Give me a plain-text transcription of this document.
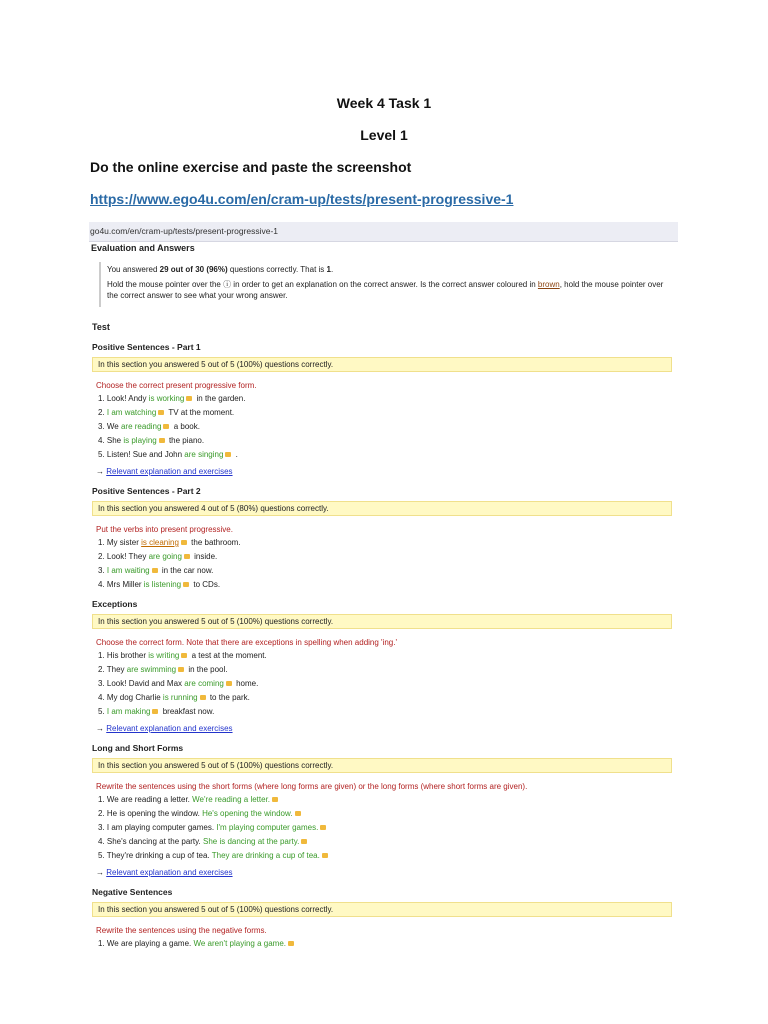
Week 4 Task 1
Level 1
Do the online exercise and paste the screenshot
https://www.ego4u.com/en/cram-up/tests/present-progressive-1
go4u.com/en/cram-up/tests/present-progressive-1
Evaluation and Answers

You answered 29 out of 30 (96%) questions correctly. That is 1.

Hold the mouse pointer over the ⓘ in order to get an explanation on the correct answer. Is the correct answer coloured in brown, hold the mouse pointer over the correct answer to see what your wrong answer.

Test
Positive Sentences - Part 1
In this section you answered 5 out of 5 (100%) questions correctly.
Choose the correct present progressive form.
1. Look! Andy is working in the garden.
2. I am watching TV at the moment.
3. We are reading a book.
4. She is playing the piano.
5. Listen! Sue and John are singing .
→ Relevant explanation and exercises
Positive Sentences - Part 2
In this section you answered 4 out of 5 (80%) questions correctly.
Put the verbs into present progressive.
1. My sister is cleaning the bathroom.
2. Look! They are going inside.
3. I am waiting in the car now.
4. Mrs Miller is listening to CDs.
Exceptions
In this section you answered 5 out of 5 (100%) questions correctly.
Choose the correct form. Note that there are exceptions in spelling when adding 'ing.'
1. His brother is writing a test at the moment.
2. They are swimming in the pool.
3. Look! David and Max are coming home.
4. My dog Charlie is running to the park.
5. I am making breakfast now.
→ Relevant explanation and exercises
Long and Short Forms
In this section you answered 5 out of 5 (100%) questions correctly.
Rewrite the sentences using the short forms (where long forms are given) or the long forms (where short forms are given).
1. We are reading a letter. We're reading a letter.
2. He is opening the window. He's opening the window.
3. I am playing computer games. I'm playing computer games.
4. She's dancing at the party. She is dancing at the party.
5. They're drinking a cup of tea. They are drinking a cup of tea.
→ Relevant explanation and exercises
Negative Sentences
In this section you answered 5 out of 5 (100%) questions correctly.
Rewrite the sentences using the negative forms.
1. We are playing a game. We aren't playing a game.
